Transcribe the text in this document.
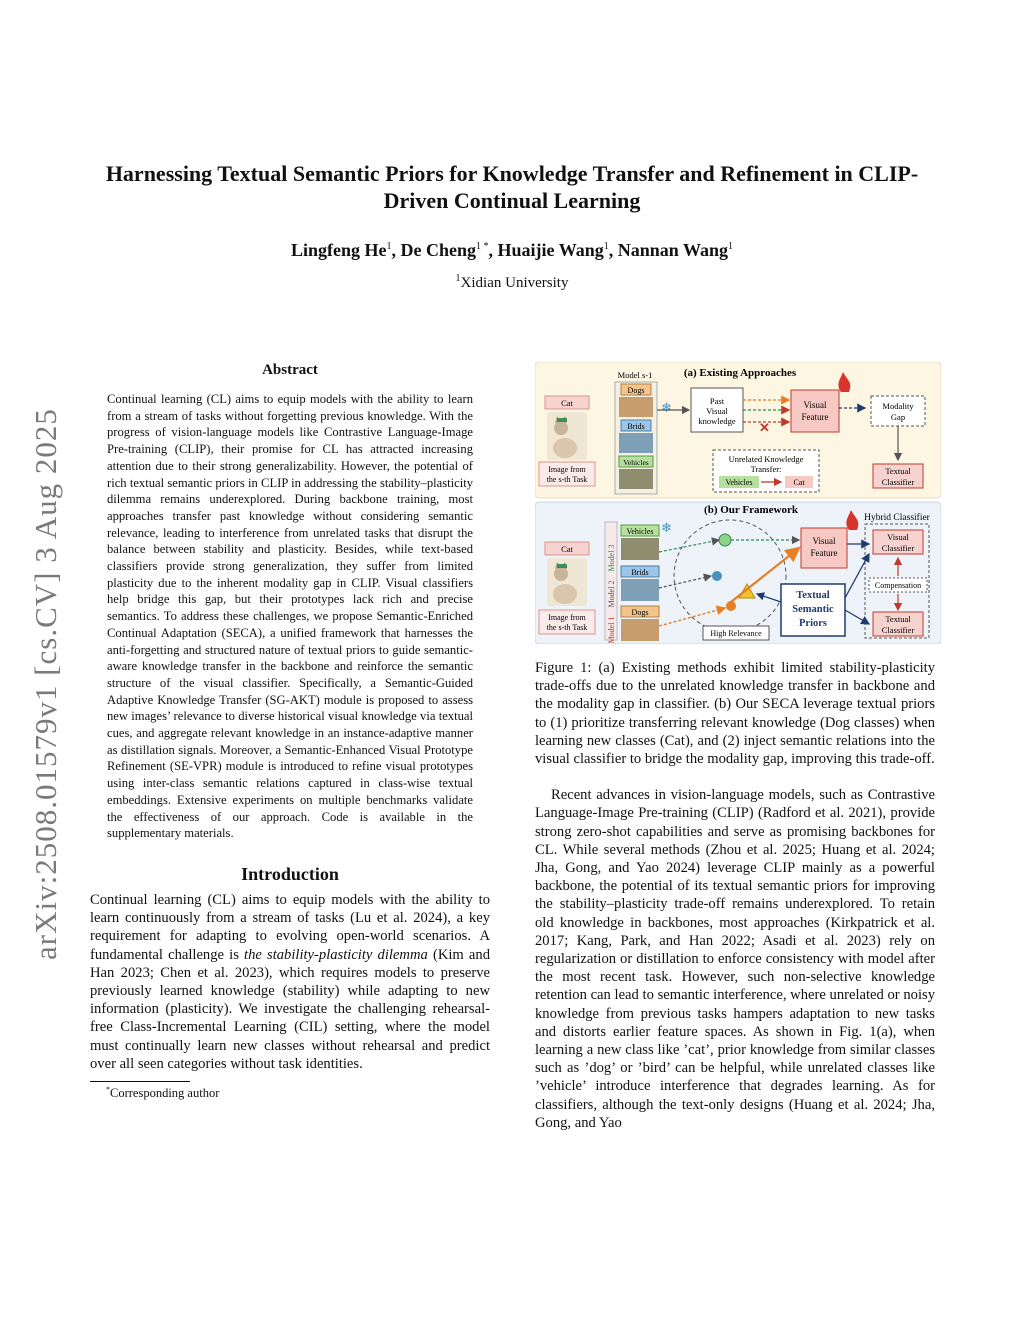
arXiv:2508.01579v1 [cs.CV] 3 Aug 2025
Harnessing Textual Semantic Priors for Knowledge Transfer and Refinement in CLIP-Driven Continual Learning
Lingfeng He$^1$, De Cheng$^{1 *}$, Huaijie Wang$^1$, Nannan Wang$^1$
$^1$Xidian University
Abstract
Continual learning (CL) aims to equip models with the ability to learn from a stream of tasks without forgetting previous knowledge. With the progress of vision-language models like Contrastive Language-Image Pre-training (CLIP), their promise for CL has attracted increasing attention due to their strong generalizability. However, the potential of rich textual semantic priors in CLIP in addressing the stability–plasticity dilemma remains underexplored. During backbone training, most approaches transfer past knowledge without considering semantic relevance, leading to interference from unrelated tasks that disrupt the balance between stability and plasticity. Besides, while text-based classifiers provide strong generalization, they suffer from limited plasticity due to the inherent modality gap in CLIP. Visual classifiers help bridge this gap, but their prototypes lack rich and precise semantics. To address these challenges, we propose Semantic-Enriched Continual Adaptation (SECA), a unified framework that harnesses the anti-forgetting and structured nature of textual priors to guide semantic-aware knowledge transfer in the backbone and reinforce the semantic structure of the visual classifier. Specifically, a Semantic-Guided Adaptive Knowledge Transfer (SG-AKT) module is proposed to assess new images’ relevance to diverse historical visual knowledge via textual cues, and aggregate relevant knowledge in an instance-adaptive manner as distillation signals. Moreover, a Semantic-Enhanced Visual Prototype Refinement (SE-VPR) module is introduced to refine visual prototypes using inter-class semantic relations captured in class-wise textual embeddings. Extensive experiments on multiple benchmarks validate the effectiveness of our approach. Code is available in the supplementary materials.
Introduction
Continual learning (CL) aims to equip models with the ability to learn continuously from a stream of tasks (Lu et al. 2024), a key requirement for adapting to evolving open-world scenarios. A fundamental challenge is the stability-plasticity dilemma (Kim and Han 2023; Chen et al. 2023), which requires models to preserve previously learned knowledge (stability) while adapting to new information (plasticity). We investigate the challenging rehearsal-free Class-Incremental Learning (CIL) setting, where the model must continually learn new classes without rehearsal and predict over all seen categories without task identities.
*Corresponding author
(a) Existing Approaches
Model s-1
❄
Cat
Image from
the s-th Task
Dogs
Brids
Vehicles
Past
Visual
knowledge
Visual
Feature
✕
Modality
Gap
Textual
Classifier
Unrelated Knowledge
Transfer:
Vehicles	Cat
(b) Our Framework
Hybrid Classifier
Cat
Image from
the s-th Task
Model 3
Model 2
Model 1
Vehicles
Brids
Dogs
❄
High Relevance
Visual
Feature
Textual
Semantic
Priors
Visual
Classifier
Compensation
Textual
Classifier
Figure 1: (a) Existing methods exhibit limited stability-plasticity trade-offs due to the unrelated knowledge transfer in backbone and the modality gap in classifier. (b) Our SECA leverage textual priors to (1) prioritize transferring relevant knowledge (Dog classes) when learning new classes (Cat), and (2) inject semantic relations into the visual classifier to bridge the modality gap, improving this trade-off.
Recent advances in vision-language models, such as Contrastive Language-Image Pre-training (CLIP) (Radford et al. 2021), provide strong zero-shot capabilities and serve as promising backbones for CL. While several methods (Zhou et al. 2025; Huang et al. 2024; Jha, Gong, and Yao 2024) leverage CLIP mainly as a powerful backbone, the potential of its textual semantic priors for improving the stability–plasticity trade-off remains underexplored. To retain old knowledge in backbones, most approaches (Kirkpatrick et al. 2017; Kang, Park, and Han 2022; Asadi et al. 2023) rely on regularization or distillation to enforce consistency with model after the most recent task. However, such non-selective knowledge retention can lead to semantic interference, where unrelated or noisy knowledge from previous tasks hampers adaptation to new tasks and distorts earlier feature spaces. As shown in Fig. 1(a), when learning a new class like ’cat’, prior knowledge from similar classes such as ’dog’ or ’bird’ can be helpful, while unrelated classes like ’vehicle’ introduce interference that degrades learning. As for classifiers, although the text-only designs (Huang et al. 2024; Jha, Gong, and Yao
